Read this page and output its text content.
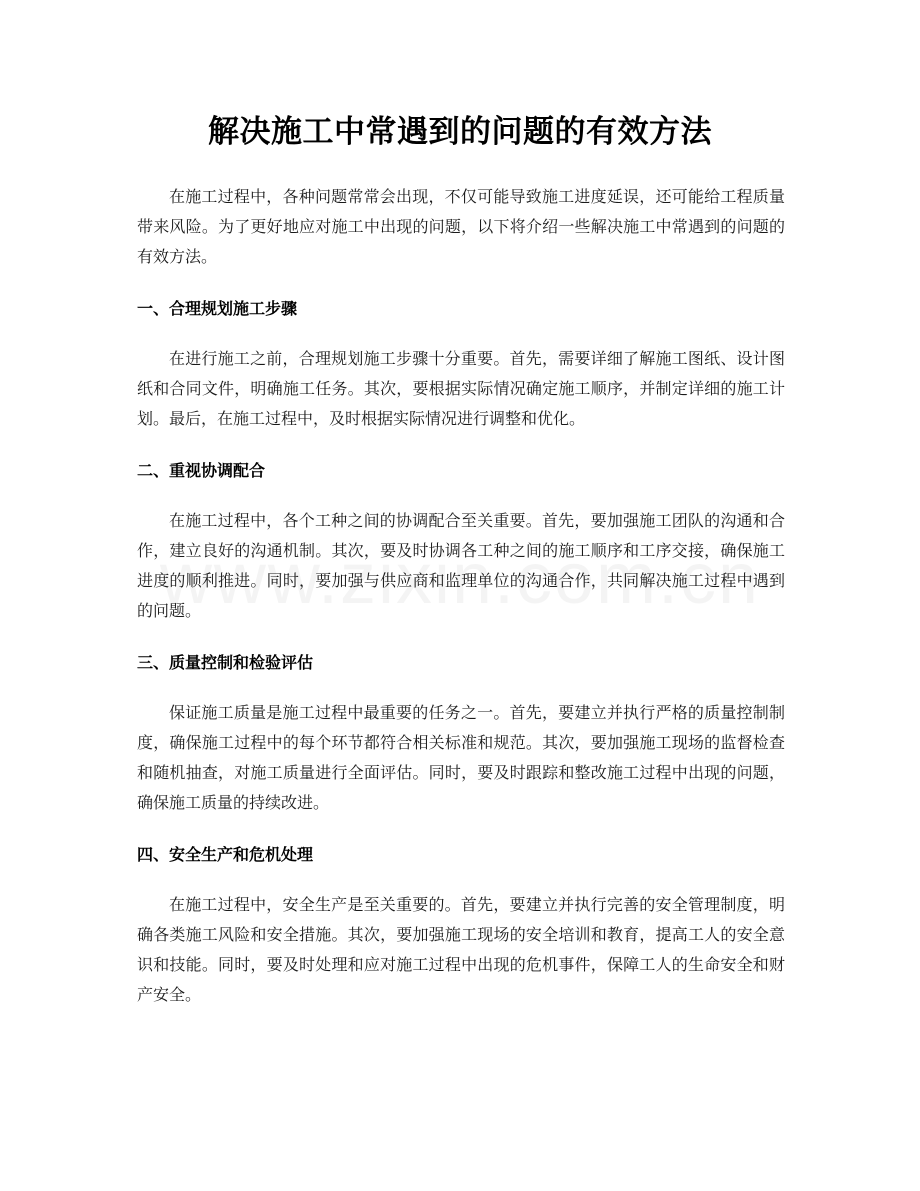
解决施工中常遇到的问题的有效方法

在施工过程中，各种问题常常会出现，不仅可能导致施工进度延误，还可能给工程质量带来风险。为了更好地应对施工中出现的问题，以下将介绍一些解决施工中常遇到的问题的有效方法。

一、合理规划施工步骤

在进行施工之前，合理规划施工步骤十分重要。首先，需要详细了解施工图纸、设计图纸和合同文件，明确施工任务。其次，要根据实际情况确定施工顺序，并制定详细的施工计划。最后，在施工过程中，及时根据实际情况进行调整和优化。

二、重视协调配合

在施工过程中，各个工种之间的协调配合至关重要。首先，要加强施工团队的沟通和合作，建立良好的沟通机制。其次，要及时协调各工种之间的施工顺序和工序交接，确保施工进度的顺利推进。同时，要加强与供应商和监理单位的沟通合作，共同解决施工过程中遇到的问题。

三、质量控制和检验评估

保证施工质量是施工过程中最重要的任务之一。首先，要建立并执行严格的质量控制制度，确保施工过程中的每个环节都符合相关标准和规范。其次，要加强施工现场的监督检查和随机抽查，对施工质量进行全面评估。同时，要及时跟踪和整改施工过程中出现的问题，确保施工质量的持续改进。

四、安全生产和危机处理

在施工过程中，安全生产是至关重要的。首先，要建立并执行完善的安全管理制度，明确各类施工风险和安全措施。其次，要加强施工现场的安全培训和教育，提高工人的安全意识和技能。同时，要及时处理和应对施工过程中出现的危机事件，保障工人的生命安全和财产安全。
